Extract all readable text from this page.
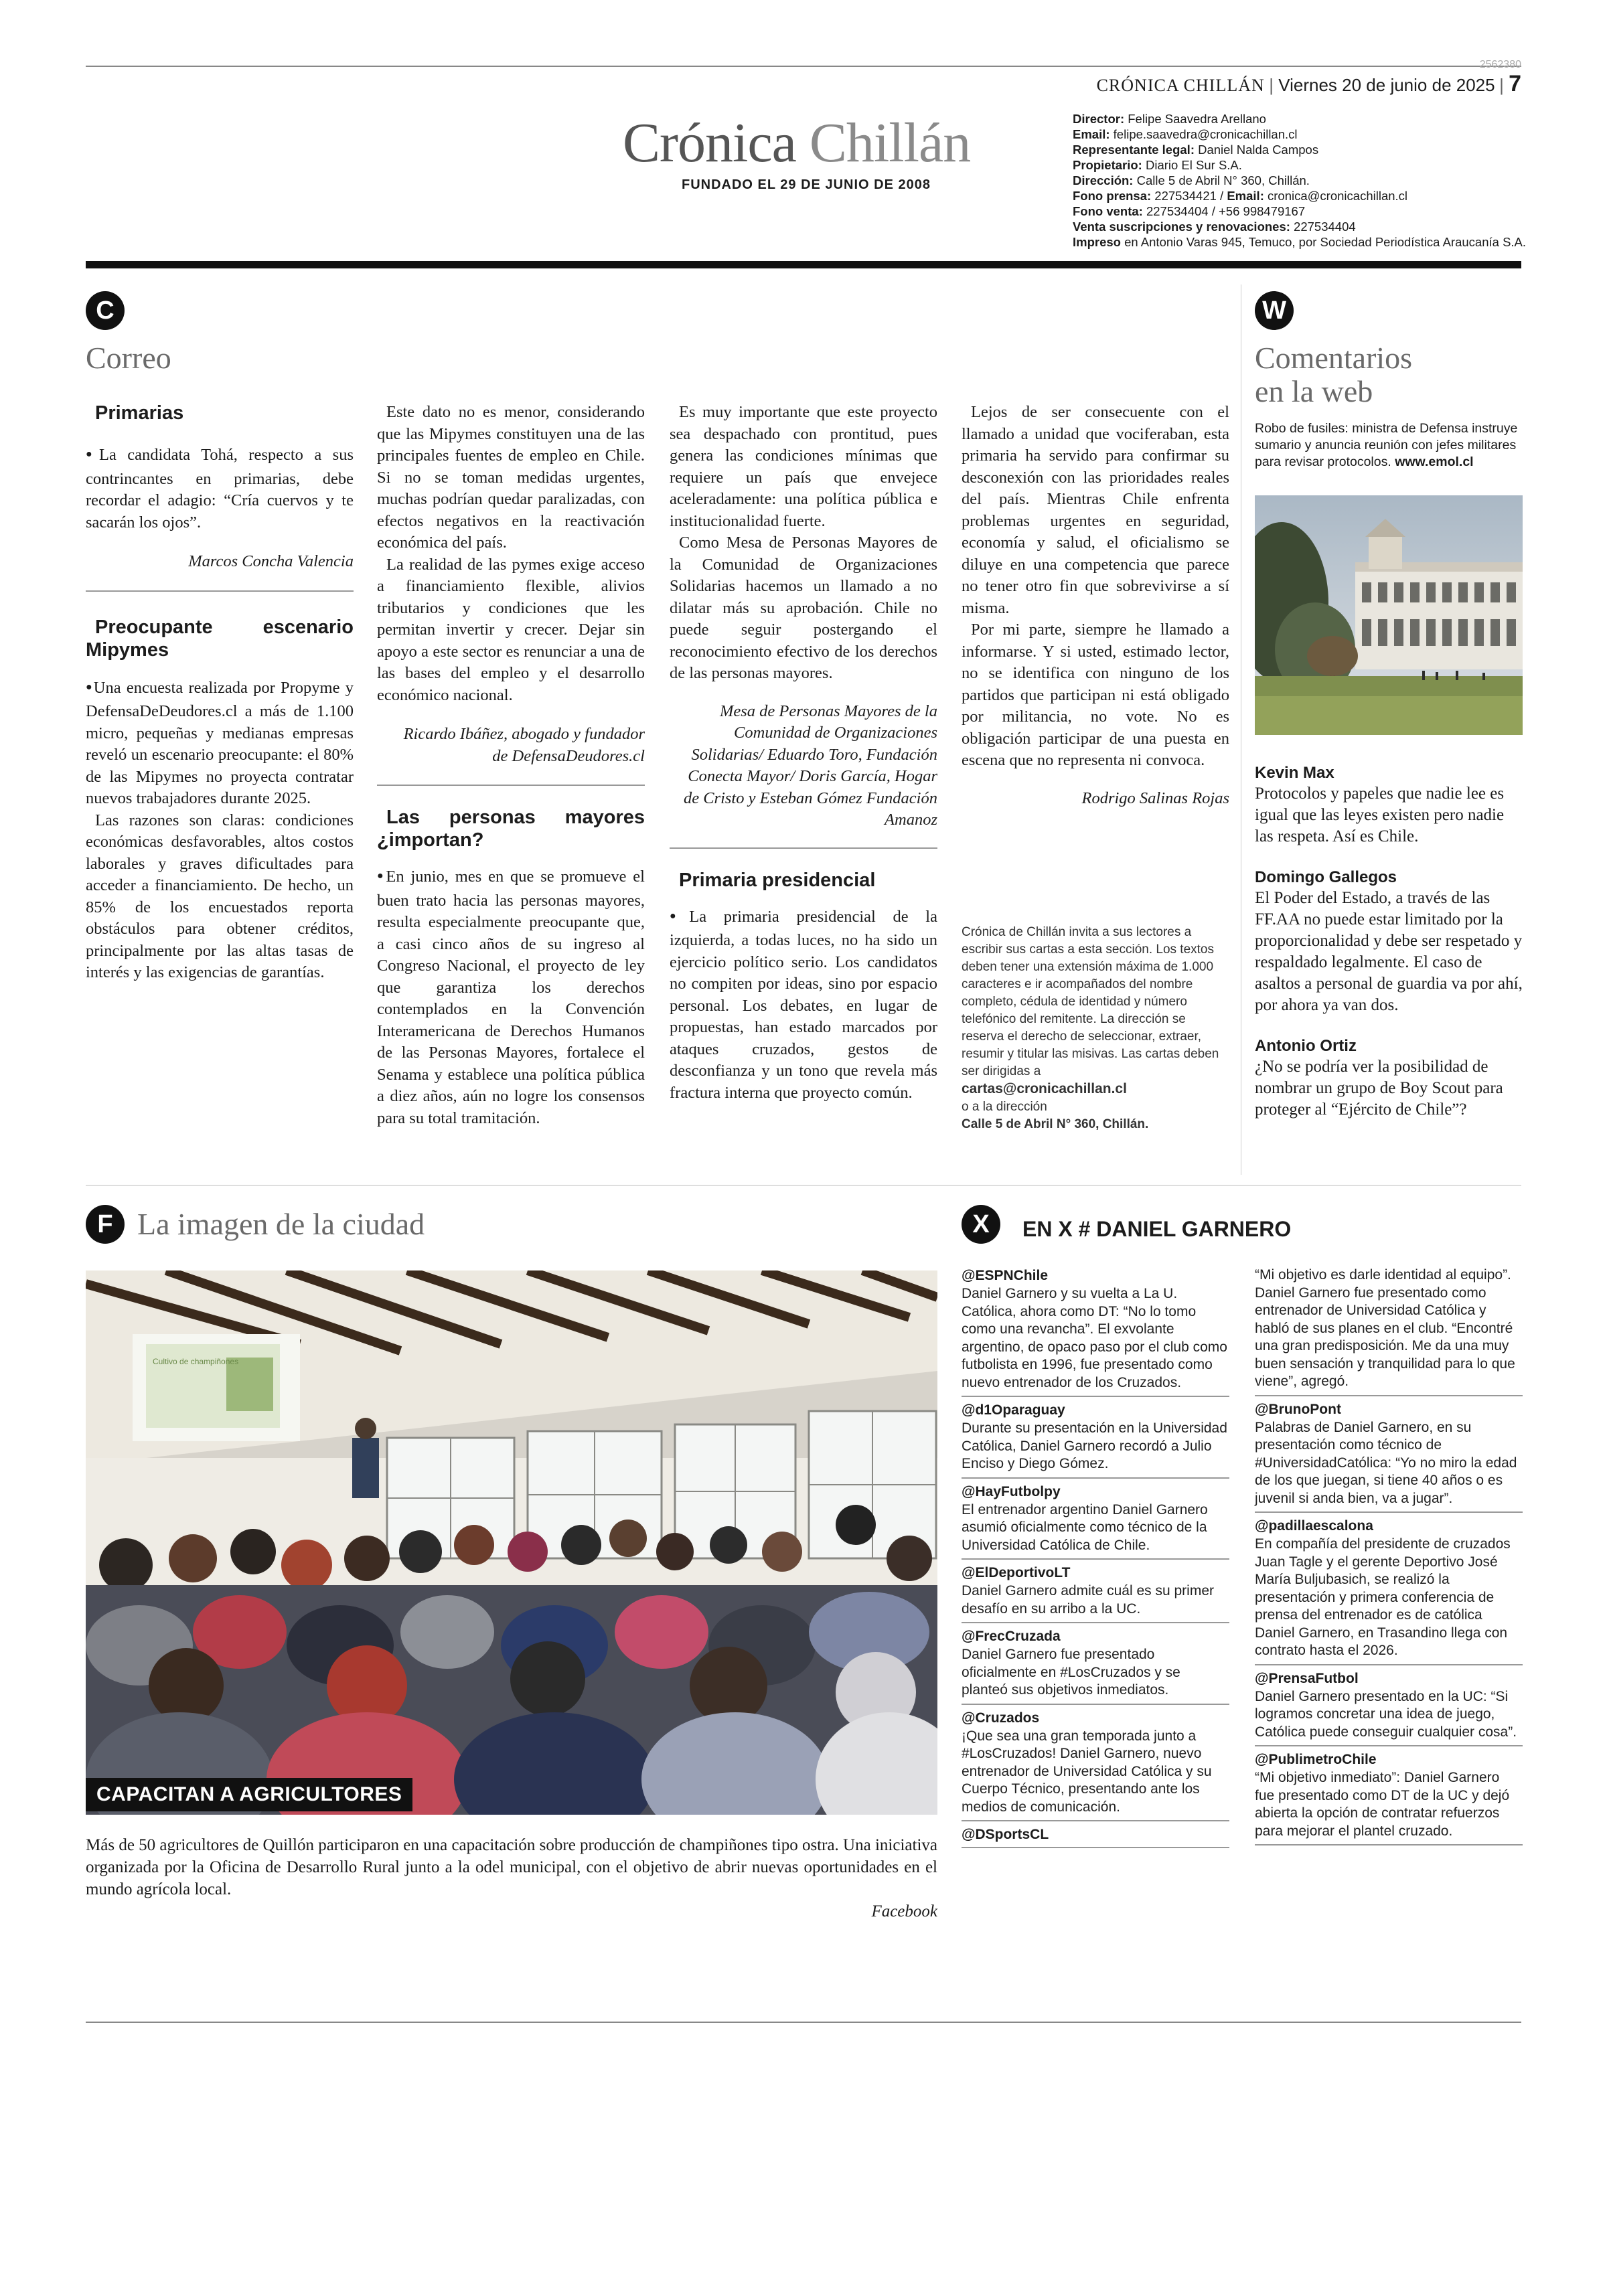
2562380
CRÓNICA CHILLÁN | Viernes 20 de junio de 2025 | 7
Crónica Chillán
FUNDADO EL 29 DE JUNIO DE 2008
Director: Felipe Saavedra Arellano
Email: felipe.saavedra@cronicachillan.cl
Representante legal: Daniel Nalda Campos
Propietario: Diario El Sur S.A.
Dirección: Calle 5 de Abril N° 360, Chillán.
Fono prensa: 227534421 / Email: cronica@cronicachillan.cl
Fono venta: 227534404 / +56 998479167
Venta suscripciones y renovaciones: 227534404
Impreso en Antonio Varas 945, Temuco, por Sociedad Periodística Araucanía S.A.
C
Correo

Primarias

● La candidata Tohá, respecto a sus contrincantes en primarias, debe recordar el adagio: “Cría cuervos y te sacarán los ojos”.

Marcos Concha Valencia

Preocupante escenario Mipymes

● Una encuesta realizada por Propyme y DefensaDeDeudores.cl a más de 1.100 micro, pequeñas y medianas empresas reveló un escenario preocupante: el 80% de las Mipymes no proyecta contratar nuevos trabajadores durante 2025.

Las razones son claras: condiciones económicas desfavorables, altos costos laborales y graves dificultades para acceder a financiamiento. De hecho, un 85% de los encuestados reporta obstáculos para obtener créditos, principalmente por las altas tasas de interés y las exigencias de garantías.

Este dato no es menor, considerando que las Mipymes constituyen una de las principales fuentes de empleo en Chile. Si no se toman medidas urgentes, muchas podrían quedar paralizadas, con efectos negativos en la reactivación económica del país.

La realidad de las pymes exige acceso a financiamiento flexible, alivios tributarios y condiciones que les permitan invertir y crecer. Dejar sin apoyo a este sector es renunciar a una de las bases del empleo y el desarrollo económico nacional.

Ricardo Ibáñez, abogado y fundador de DefensaDeudores.cl

Las personas mayores ¿importan?

● En junio, mes en que se promueve el buen trato hacia las personas mayores, resulta especialmente preocupante que, a casi cinco años de su ingreso al Congreso Nacional, el proyecto de ley que garantiza los derechos contemplados en la Convención Interamericana de Derechos Humanos de las Personas Mayores, fortalece el Senama y establece una política pública a diez años, aún no logre los consensos para su total tramitación.

Es muy importante que este proyecto sea despachado con prontitud, pues genera las condiciones mínimas que requiere un país que envejece aceleradamente: una política pública e institucionalidad fuerte.

Como Mesa de Personas Mayores de la Comunidad de Organizaciones Solidarias hacemos un llamado a no dilatar más su aprobación. Chile no puede seguir postergando el reconocimiento efectivo de los derechos de las personas mayores.

Mesa de Personas Mayores de la Comunidad de Organizaciones Solidarias/ Eduardo Toro, Fundación Conecta Mayor/ Doris García, Hogar de Cristo y Esteban Gómez Fundación Amanoz

Primaria presidencial

● La primaria presidencial de la izquierda, a todas luces, no ha sido un ejercicio político serio. Los candidatos no compiten por ideas, sino por espacio personal. Los debates, en lugar de propuestas, han estado marcados por ataques cruzados, gestos de desconfianza y un tono que revela más fractura interna que proyecto común.

Lejos de ser consecuente con el llamado a unidad que vociferaban, esta primaria ha servido para confirmar su desconexión con las prioridades reales del país. Mientras Chile enfrenta problemas urgentes en seguridad, economía y salud, el oficialismo se diluye en una competencia que parece no tener otro fin que sobrevivirse a sí misma.

Por mi parte, siempre he llamado a informarse. Y si usted, estimado lector, no se identifica con ninguno de los partidos que participan ni está obligado por militancia, no vote. No es obligación participar de una puesta en escena que no representa ni convoca.

Rodrigo Salinas Rojas

Crónica de Chillán invita a sus lectores a escribir sus cartas a esta sección. Los textos deben tener una extensión máxima de 1.000 caracteres e ir acompañados del nombre completo, cédula de identidad y número telefónico del remitente. La dirección se reserva el derecho de seleccionar, extraer, resumir y titular las misivas. Las cartas deben ser dirigidas a
cartas@cronicachillan.cl
o a la dirección
Calle 5 de Abril N° 360, Chillán.
W
Comentarios
en la web
Robo de fusiles: ministra de Defensa instruye sumario y anuncia reunión con jefes militares para revisar protocolos. www.emol.cl
Kevin Max
Protocolos y papeles que nadie lee es igual que las leyes existen pero nadie las respeta. Así es Chile.
Domingo Gallegos
El Poder del Estado, a través de las FF.AA no puede estar limitado por la proporcionalidad y debe ser respetado y respaldado legalmente. El caso de asaltos a personal de guardia va por ahí, por ahora ya van dos.
Antonio Ortiz
¿No se podría ver la posibilidad de nombrar un grupo de Boy Scout para proteger al “Ejército de Chile”?
F La imagen de la ciudad
Cultivo de champiñones
CAPACITAN A AGRICULTORES
Más de 50 agricultores de Quillón participaron en una capacitación sobre producción de champiñones tipo ostra. Una iniciativa organizada por la Oficina de Desarrollo Rural junto a la odel municipal, con el objetivo de abrir nuevas oportunidades en el mundo agrícola local.
Facebook
X	EN X # DANIEL GARNERO
@ESPNChile
Daniel Garnero y su vuelta a La U. Católica, ahora como DT: “No lo tomo como una revancha”. El exvolante argentino, de opaco paso por el club como futbolista en 1996, fue presentado como nuevo entrenador de los Cruzados.
@d1Oparaguay
Durante su presentación en la Universidad Católica, Daniel Garnero recordó a Julio Enciso y Diego Gómez.
@HayFutbolpy
El entrenador argentino Daniel Garnero asumió oficialmente como técnico de la Universidad Católica de Chile.
@ElDeportivoLT
Daniel Garnero admite cuál es su primer desafío en su arribo a la UC.
@FrecCruzada
Daniel Garnero fue presentado oficialmente en #LosCruzados y se planteó sus objetivos inmediatos.
@Cruzados
¡Que sea una gran temporada junto a #LosCruzados! Daniel Garnero, nuevo entrenador de Universidad Católica y su Cuerpo Técnico, presentando ante los medios de comunicación.
@DSportsCL
“Mi objetivo es darle identidad al equipo”. Daniel Garnero fue presentado como entrenador de Universidad Católica y habló de sus planes en el club. “Encontré una gran predisposición. Me da una muy buen sensación y tranquilidad para lo que viene”, agregó.
@BrunoPont
Palabras de Daniel Garnero, en su presentación como técnico de #UniversidadCatólica: “Yo no miro la edad de los que juegan, si tiene 40 años o es juvenil si anda bien, va a jugar”.
@padillaescalona
En compañía del presidente de cruzados Juan Tagle y el gerente Deportivo José María Buljubasich, se realizó la presentación y primera conferencia de prensa del entrenador es de católica Daniel Garnero, en Trasandino llega con contrato hasta el 2026.
@PrensaFutbol
Daniel Garnero presentado en la UC: “Si logramos concretar una idea de juego, Católica puede conseguir cualquier cosa”.
@PublimetroChile
“Mi objetivo inmediato”: Daniel Garnero fue presentado como DT de la UC y dejó abierta la opción de contratar refuerzos para mejorar el plantel cruzado.
